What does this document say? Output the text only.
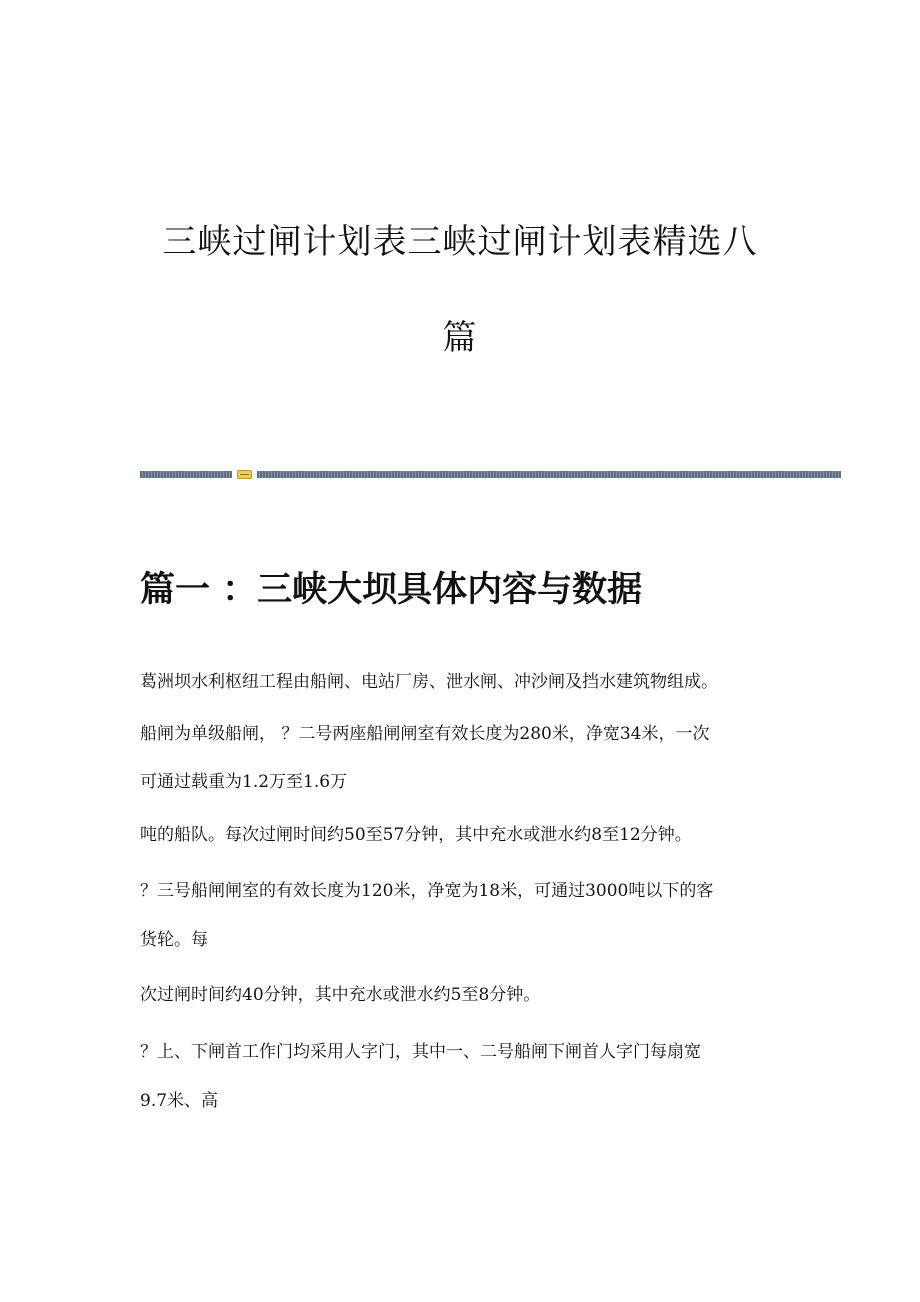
三峡过闸计划表三峡过闸计划表精选八
篇
篇一 ：三峡大坝具体内容与数据

葛洲坝水利枢纽工程由船闸、电站厂房、泄水闸、冲沙闸及挡水建筑物组成。

船闸为单级船闸， ？二号两座船闸闸室有效长度为280米，净宽34米，一次

可通过载重为1.2万至1.6万

吨的船队。每次过闸时间约50至57分钟，其中充水或泄水约8至12分钟。

？三号船闸闸室的有效长度为120米，净宽为18米，可通过3000吨以下的客

货轮。每

次过闸时间约40分钟，其中充水或泄水约5至8分钟。

？上、下闸首工作门均采用人字门，其中一、二号船闸下闸首人字门每扇宽

9.7米、高
